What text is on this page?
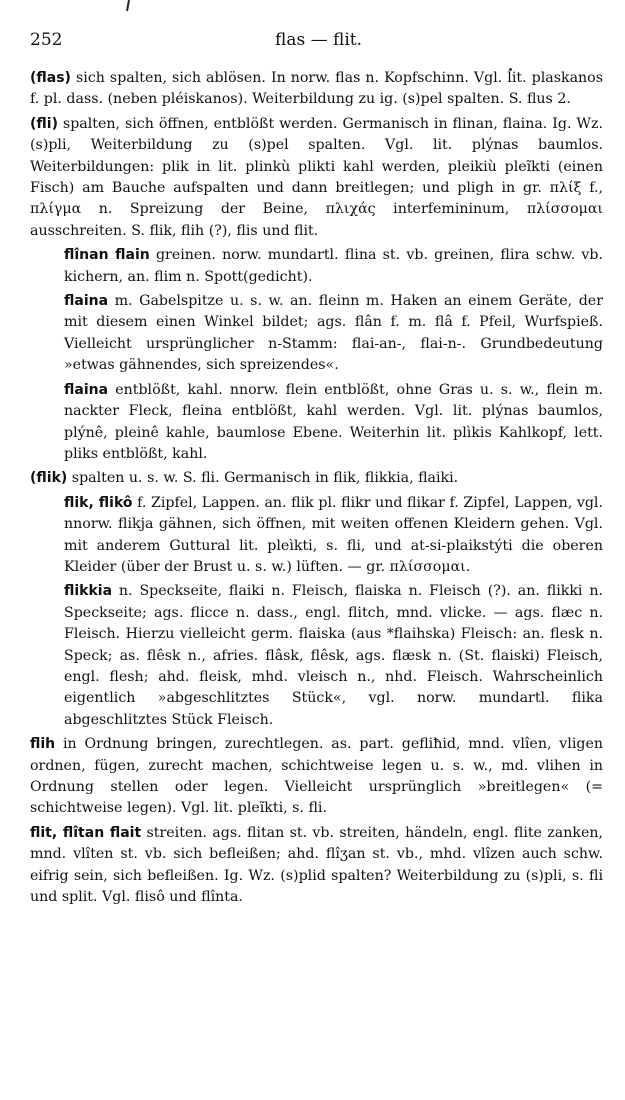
252	flas — flit.

(flas) sich spalten, sich ablösen. In norw. flas n. Kopfschinn. Vgl. lit. plaskanos f. pl. dass. (neben pléiskanos). Weiterbildung zu ig. (s)pel spalten. S. flus 2.

(fli) spalten, sich öffnen, entblößt werden. Germanisch in flinan, flaina. Ig. Wz. (s)pli, Weiterbildung zu (s)pel spalten. Vgl. lit. plýnas baumlos. Weiterbildungen: plik in lit. plinkù plikti kahl werden, pleikiù pleĩkti (einen Fisch) am Bauche aufspalten und dann breitlegen; und pligh in gr. πλίξ f., πλίγμα n. Spreizung der Beine, πλιχάς interfemininum, πλίσσομαι ausschreiten. S. flik, flih (?), flis und flit.

flînan flain greinen. norw. mundartl. flina st. vb. greinen, flira schw. vb. kichern, an. flim n. Spott(gedicht).

flaina m. Gabelspitze u. s. w. an. fleinn m. Haken an einem Geräte, der mit diesem einen Winkel bildet; ags. flân f. m. flâ f. Pfeil, Wurfspieß. Vielleicht ursprünglicher n-Stamm: flai-an-, flai-n-. Grundbedeutung »etwas gähnendes, sich spreizendes«.

flaina entblößt, kahl. nnorw. flein entblößt, ohne Gras u. s. w., flein m. nackter Fleck, fleina entblößt, kahl werden. Vgl. lit. plýnas baumlos, plýnê, pleinê kahle, baumlose Ebene. Weiterhin lit. plìkis Kahlkopf, lett. pliks entblößt, kahl.

(flik) spalten u. s. w. S. fli. Germanisch in flik, flikkia, flaiki.

flik, flikô f. Zipfel, Lappen. an. flik pl. flikr und flikar f. Zipfel, Lappen, vgl. nnorw. flikja gähnen, sich öffnen, mit weiten offenen Kleidern gehen. Vgl. mit anderem Guttural lit. pleìkti, s. fli, und at-si-plaikstýti die oberen Kleider (über der Brust u. s. w.) lüften. — gr. πλίσσομαι.

flikkia n. Speckseite, flaiki n. Fleisch, flaiska n. Fleisch (?). an. flikki n. Speckseite; ags. flicce n. dass., engl. flitch, mnd. vlicke. — ags. flæc n. Fleisch. Hierzu vielleicht germ. flaiska (aus *flaihska) Fleisch: an. flesk n. Speck; as. flêsk n., afries. flâsk, flêsk, ags. flæsk n. (St. flaiski) Fleisch, engl. flesh; ahd. fleisk, mhd. vleisch n., nhd. Fleisch. Wahrscheinlich eigentlich »abgeschlitztes Stück«, vgl. norw. mundartl. flika abgeschlitztes Stück Fleisch.

flih in Ordnung bringen, zurechtlegen. as. part. gefliħid, mnd. vlîen, vligen ordnen, fügen, zurecht machen, schichtweise legen u. s. w., md. vlihen in Ordnung stellen oder legen. Vielleicht ursprünglich »breitlegen« (= schichtweise legen). Vgl. lit. pleĩkti, s. fli.

flit, flîtan flait streiten. ags. flitan st. vb. streiten, händeln, engl. flite zanken, mnd. vlîten st. vb. sich befleißen; ahd. flîʒan st. vb., mhd. vlîzen auch schw. eifrig sein, sich befleißen. Ig. Wz. (s)plid spalten? Weiterbildung zu (s)pli, s. fli und split. Vgl. flisô und flînta.
